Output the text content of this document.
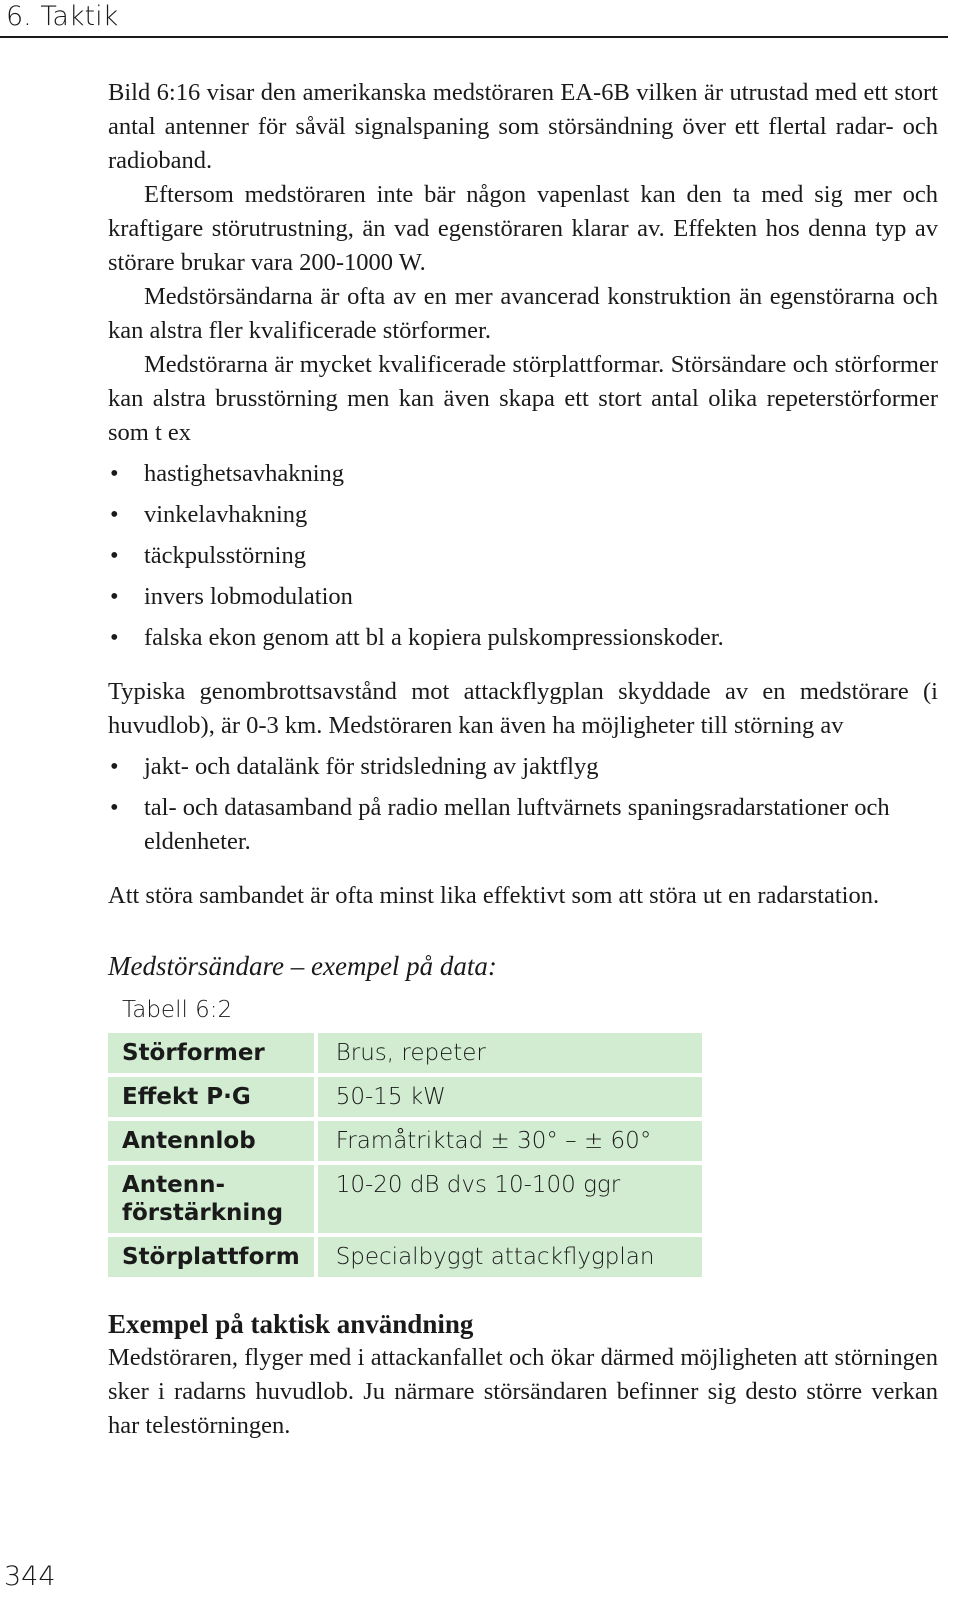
6. Taktik

Bild 6:16 visar den amerikanska medstöraren EA-6B vilken är utrustad med ett stort antal antenner för såväl signalspaning som störsändning över ett flertal radar- och radioband.

Eftersom medstöraren inte bär någon vapenlast kan den ta med sig mer och kraftigare störutrustning, än vad egenstöraren klarar av. Effekten hos denna typ av störare brukar vara 200-1000 W.

Medstörsändarna är ofta av en mer avancerad konstruktion än egenstörarna och kan alstra fler kvalificerade störformer.

Medstörarna är mycket kvalificerade störplattformar. Störsändare och störformer kan alstra brusstörning men kan även skapa ett stort antal olika repeterstörformer som t ex

• hastighetsavhakning
• vinkelavhakning
• täckpulsstörning
• invers lobmodulation
• falska ekon genom att bl a kopiera pulskompressionskoder.

Typiska genombrottsavstånd mot attackflygplan skyddade av en medstörare (i huvudlob), är 0-3 km. Medstöraren kan även ha möjligheter till störning av

• jakt- och datalänk för stridsledning av jaktflyg
• tal- och datasamband på radio mellan luftvärnets spaningsradarstationer och eldenheter.

Att störa sambandet är ofta minst lika effektivt som att störa ut en radarstation.

Medstörsändare – exempel på data:

Tabell 6:2
Störformer	Brus, repeter
Effekt P·G	50-15 kW
Antennlob	Framåtriktad ± 30° – ± 60°
Antenn-förstärkning	10-20 dB dvs 10-100 ggr
Störplattform	Specialbyggt attackflygplan

Exempel på taktisk användning

Medstöraren, flyger med i attackanfallet och ökar därmed möjligheten att störningen sker i radarns huvudlob. Ju närmare störsändaren befinner sig desto större verkan har telestörningen.

344
